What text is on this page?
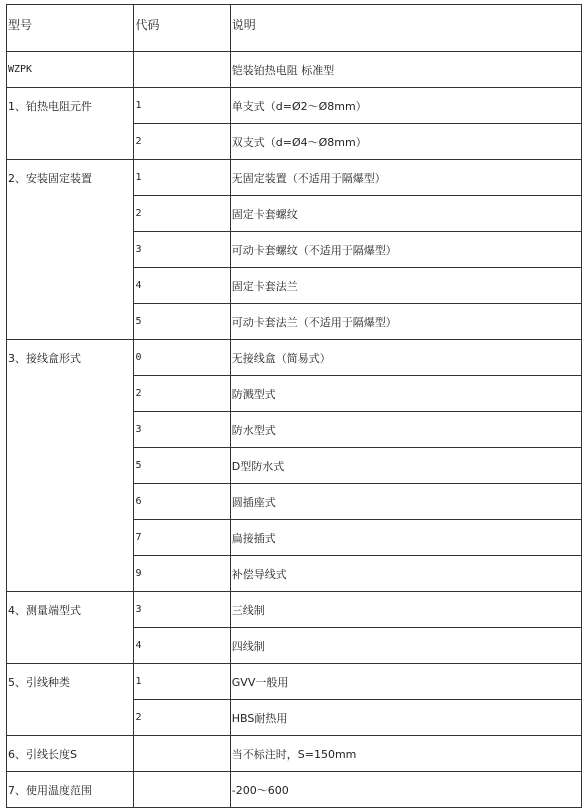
型号	代码	说明
WZPK		铠装铂热电阻 标准型
1、铂热电阻元件	1	单支式（d=Ø2～Ø8mm）
	2	双支式（d=Ø4～Ø8mm）
2、安装固定装置	1	无固定装置（不适用于隔爆型）
	2	固定卡套螺纹
	3	可动卡套螺纹（不适用于隔爆型）
	4	固定卡套法兰
	5	可动卡套法兰（不适用于隔爆型）
3、接线盒形式	0	无接线盒（简易式）
	2	防溅型式
	3	防水型式
	5	D型防水式
	6	圆插座式
	7	扁接插式
	9	补偿导线式
4、测量端型式	3	三线制
	4	四线制
5、引线种类	1	GVV一般用
	2	HBS耐热用
6、引线长度S		当不标注时，S=150mm
7、使用温度范围		-200～600
